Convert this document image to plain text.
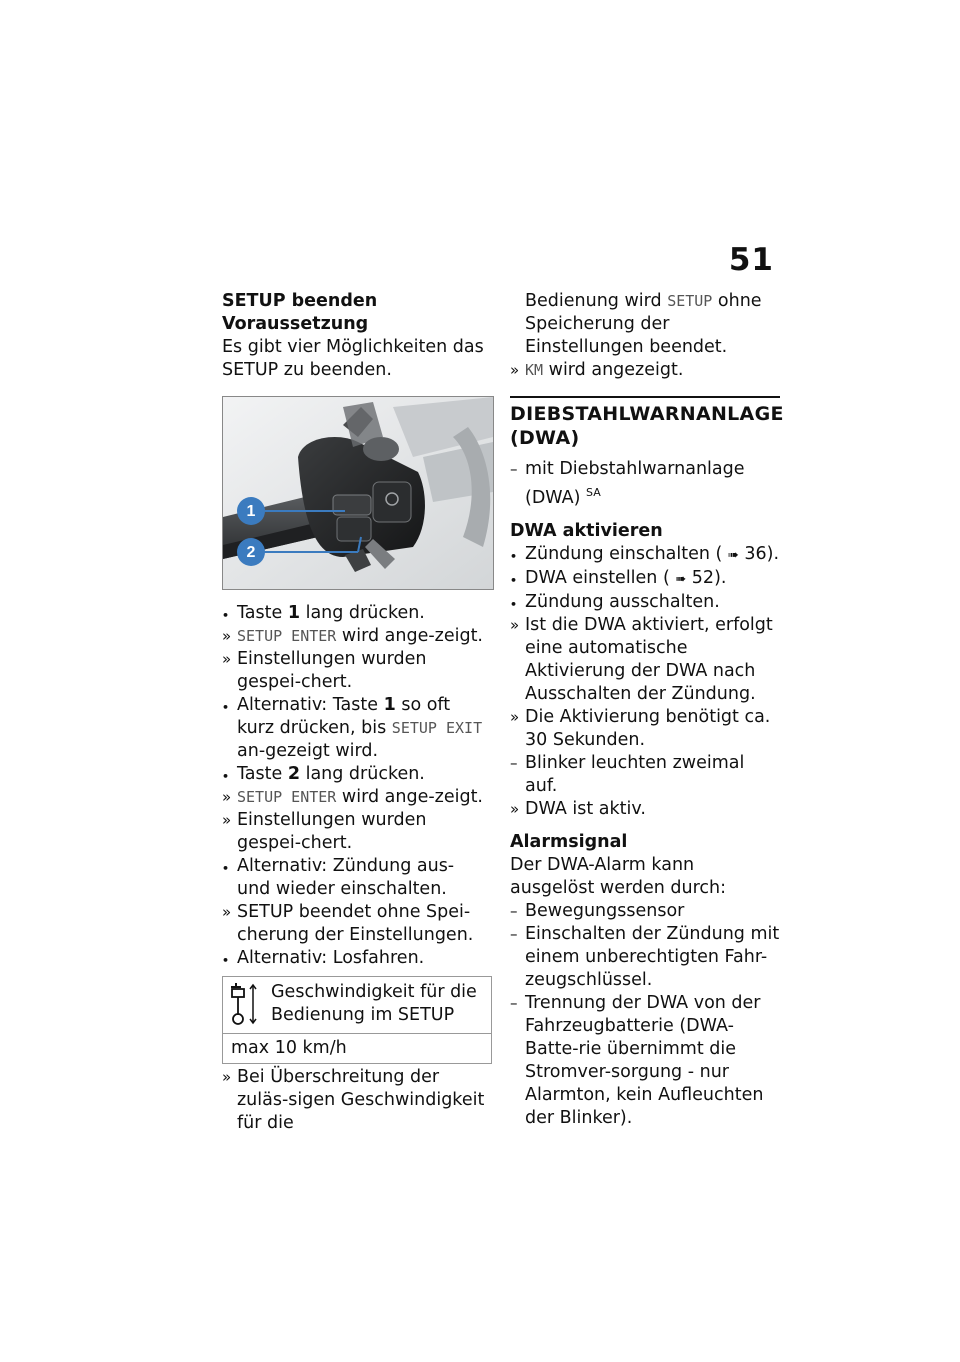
51

SETUP beenden

Voraussetzung

Es gibt vier Möglichkeiten das SETUP zu beenden.

1
2
• Taste 1 lang drücken.
» SETUP ENTER wird ange-zeigt.
» Einstellungen wurden gespei-chert.
• Alternativ: Taste 1 so oft kurz drücken, bis SETUP EXIT an-gezeigt wird.
• Taste 2 lang drücken.
» SETUP ENTER wird ange-zeigt.
» Einstellungen wurden gespei-chert.
• Alternativ: Zündung aus- und wieder einschalten.
» SETUP beendet ohne Spei-cherung der Einstellungen.
• Alternativ: Losfahren.
Geschwindigkeit für die Bedienung im SETUP
max 10 km/h
» Bei Überschreitung der zuläs-sigen Geschwindigkeit für die
Bedienung wird SETUP ohne Speicherung der Einstellungen beendet.
» KM wird angezeigt.

DIEBSTAHLWARNANLAGE (DWA)

– mit Diebstahlwarnanlage (DWA) $^{SA}$

DWA aktivieren

• Zündung einschalten ( ➠ 36).
• DWA einstellen ( ➠ 52).
• Zündung ausschalten.
» Ist die DWA aktiviert, erfolgt eine automatische Aktivierung der DWA nach Ausschalten der Zündung.
» Die Aktivierung benötigt ca. 30 Sekunden.
– Blinker leuchten zweimal auf.
» DWA ist aktiv.

Alarmsignal

Der DWA-Alarm kann ausgelöst werden durch:

– Bewegungssensor
– Einschalten der Zündung mit einem unberechtigten Fahr-zeugschlüssel.
– Trennung der DWA von der Fahrzeugbatterie (DWA-Batte-rie übernimmt die Stromver-sorgung - nur Alarmton, kein Aufleuchten der Blinker).
